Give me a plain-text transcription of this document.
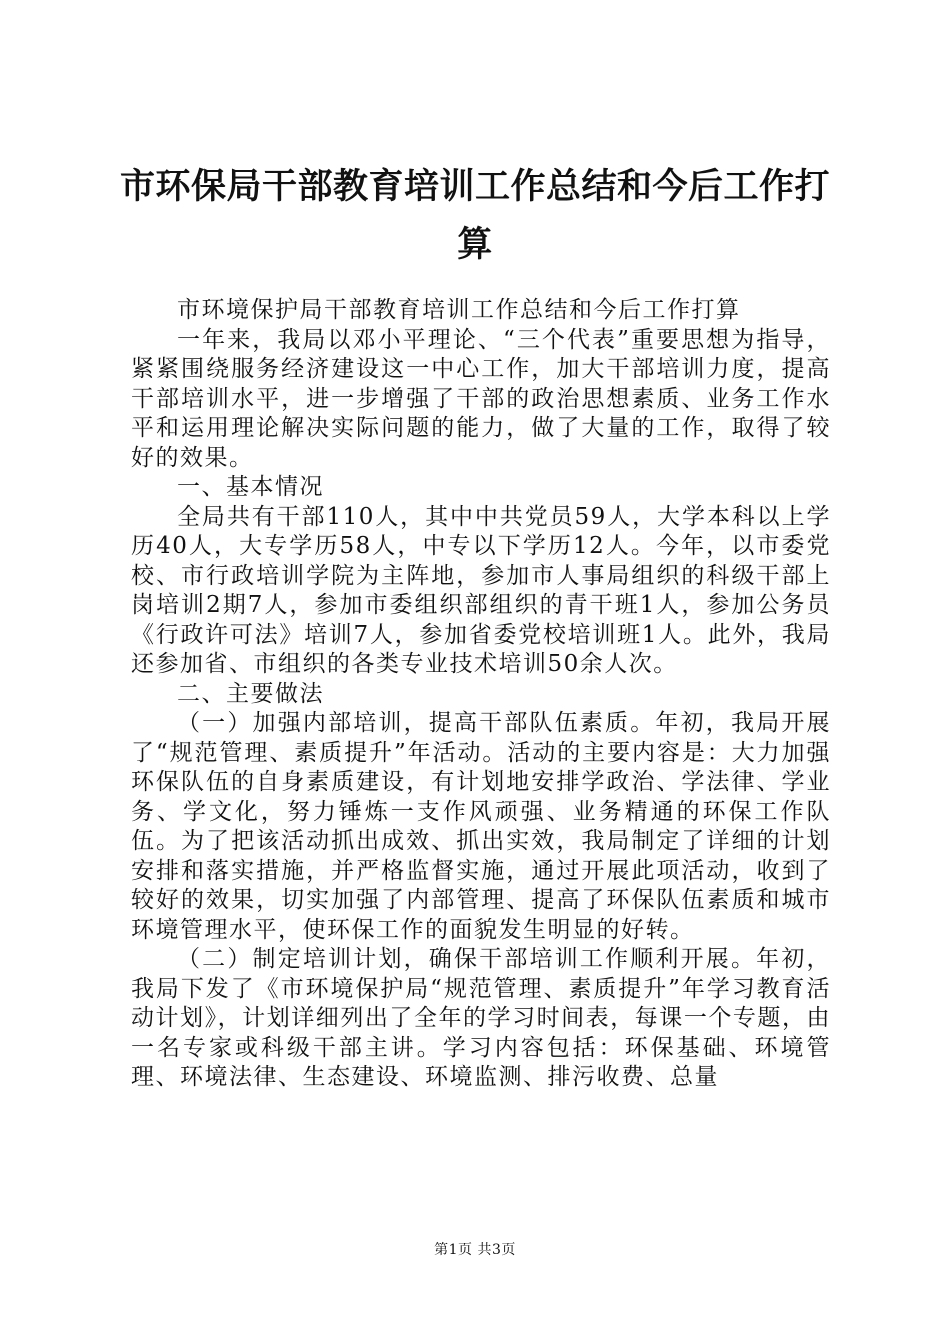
市环保局干部教育培训工作总结和今后工作打算

市环境保护局干部教育培训工作总结和今后工作打算

一年来，我局以邓小平理论、“三个代表”重要思想为指导，紧紧围绕服务经济建设这一中心工作，加大干部培训力度，提高干部培训水平，进一步增强了干部的政治思想素质、业务工作水平和运用理论解决实际问题的能力，做了大量的工作，取得了较好的效果。

一、基本情况

全局共有干部110人，其中中共党员59人，大学本科以上学历40人，大专学历58人，中专以下学历12人。今年，以市委党校、市行政培训学院为主阵地，参加市人事局组织的科级干部上岗培训2期7人，参加市委组织部组织的青干班1人，参加公务员《行政许可法》培训7人，参加省委党校培训班1人。此外，我局还参加省、市组织的各类专业技术培训50余人次。

二、主要做法

（一）加强内部培训，提高干部队伍素质。年初，我局开展了“规范管理、素质提升”年活动。活动的主要内容是：大力加强环保队伍的自身素质建设，有计划地安排学政治、学法律、学业务、学文化，努力锤炼一支作风顽强、业务精通的环保工作队伍。为了把该活动抓出成效、抓出实效，我局制定了详细的计划安排和落实措施，并严格监督实施，通过开展此项活动，收到了较好的效果，切实加强了内部管理、提高了环保队伍素质和城市环境管理水平，使环保工作的面貌发生明显的好转。

（二）制定培训计划，确保干部培训工作顺利开展。年初，我局下发了《市环境保护局“规范管理、素质提升”年学习教育活动计划》，计划详细列出了全年的学习时间表，每课一个专题，由一名专家或科级干部主讲。学习内容包括：环保基础、环境管理、环境法律、生态建设、环境监测、排污收费、总量

第1页 共3页
